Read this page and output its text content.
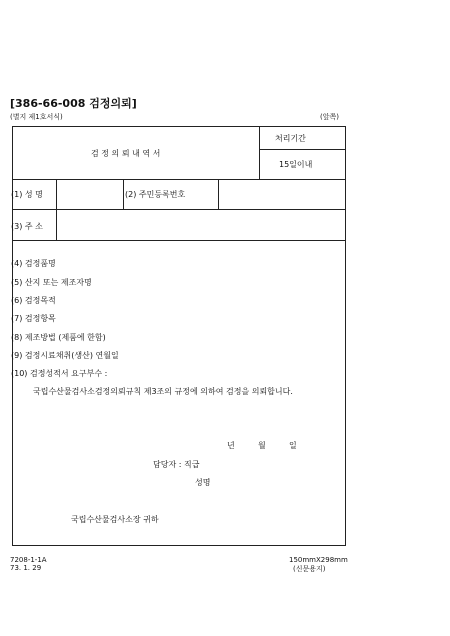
[386-66-008 검정의뢰]
(별지 제1호서식)	(앞쪽)
검 정 의 뢰 내 역 서
처리기간
15일이내
(1) 성 명	(2) 주민등록번호
(3) 주 소
(4) 검정품명
(5) 산지 또는 제조자명
(6) 검정목적
(7) 검정항목
(8) 제조방법 (제품에 한함)
(9) 검정시료채취(생산) 연월일
(10) 검정성적서 요구부수 :
국립수산물검사소검정의뢰규칙 제3조의 규정에 의하여 검정을 의뢰합니다.
년	월	일
담당자 : 직급
성명
국립수산물검사소장 귀하
7208-1-1A
73. 1. 29
150mmX298mm
(신문용지)
